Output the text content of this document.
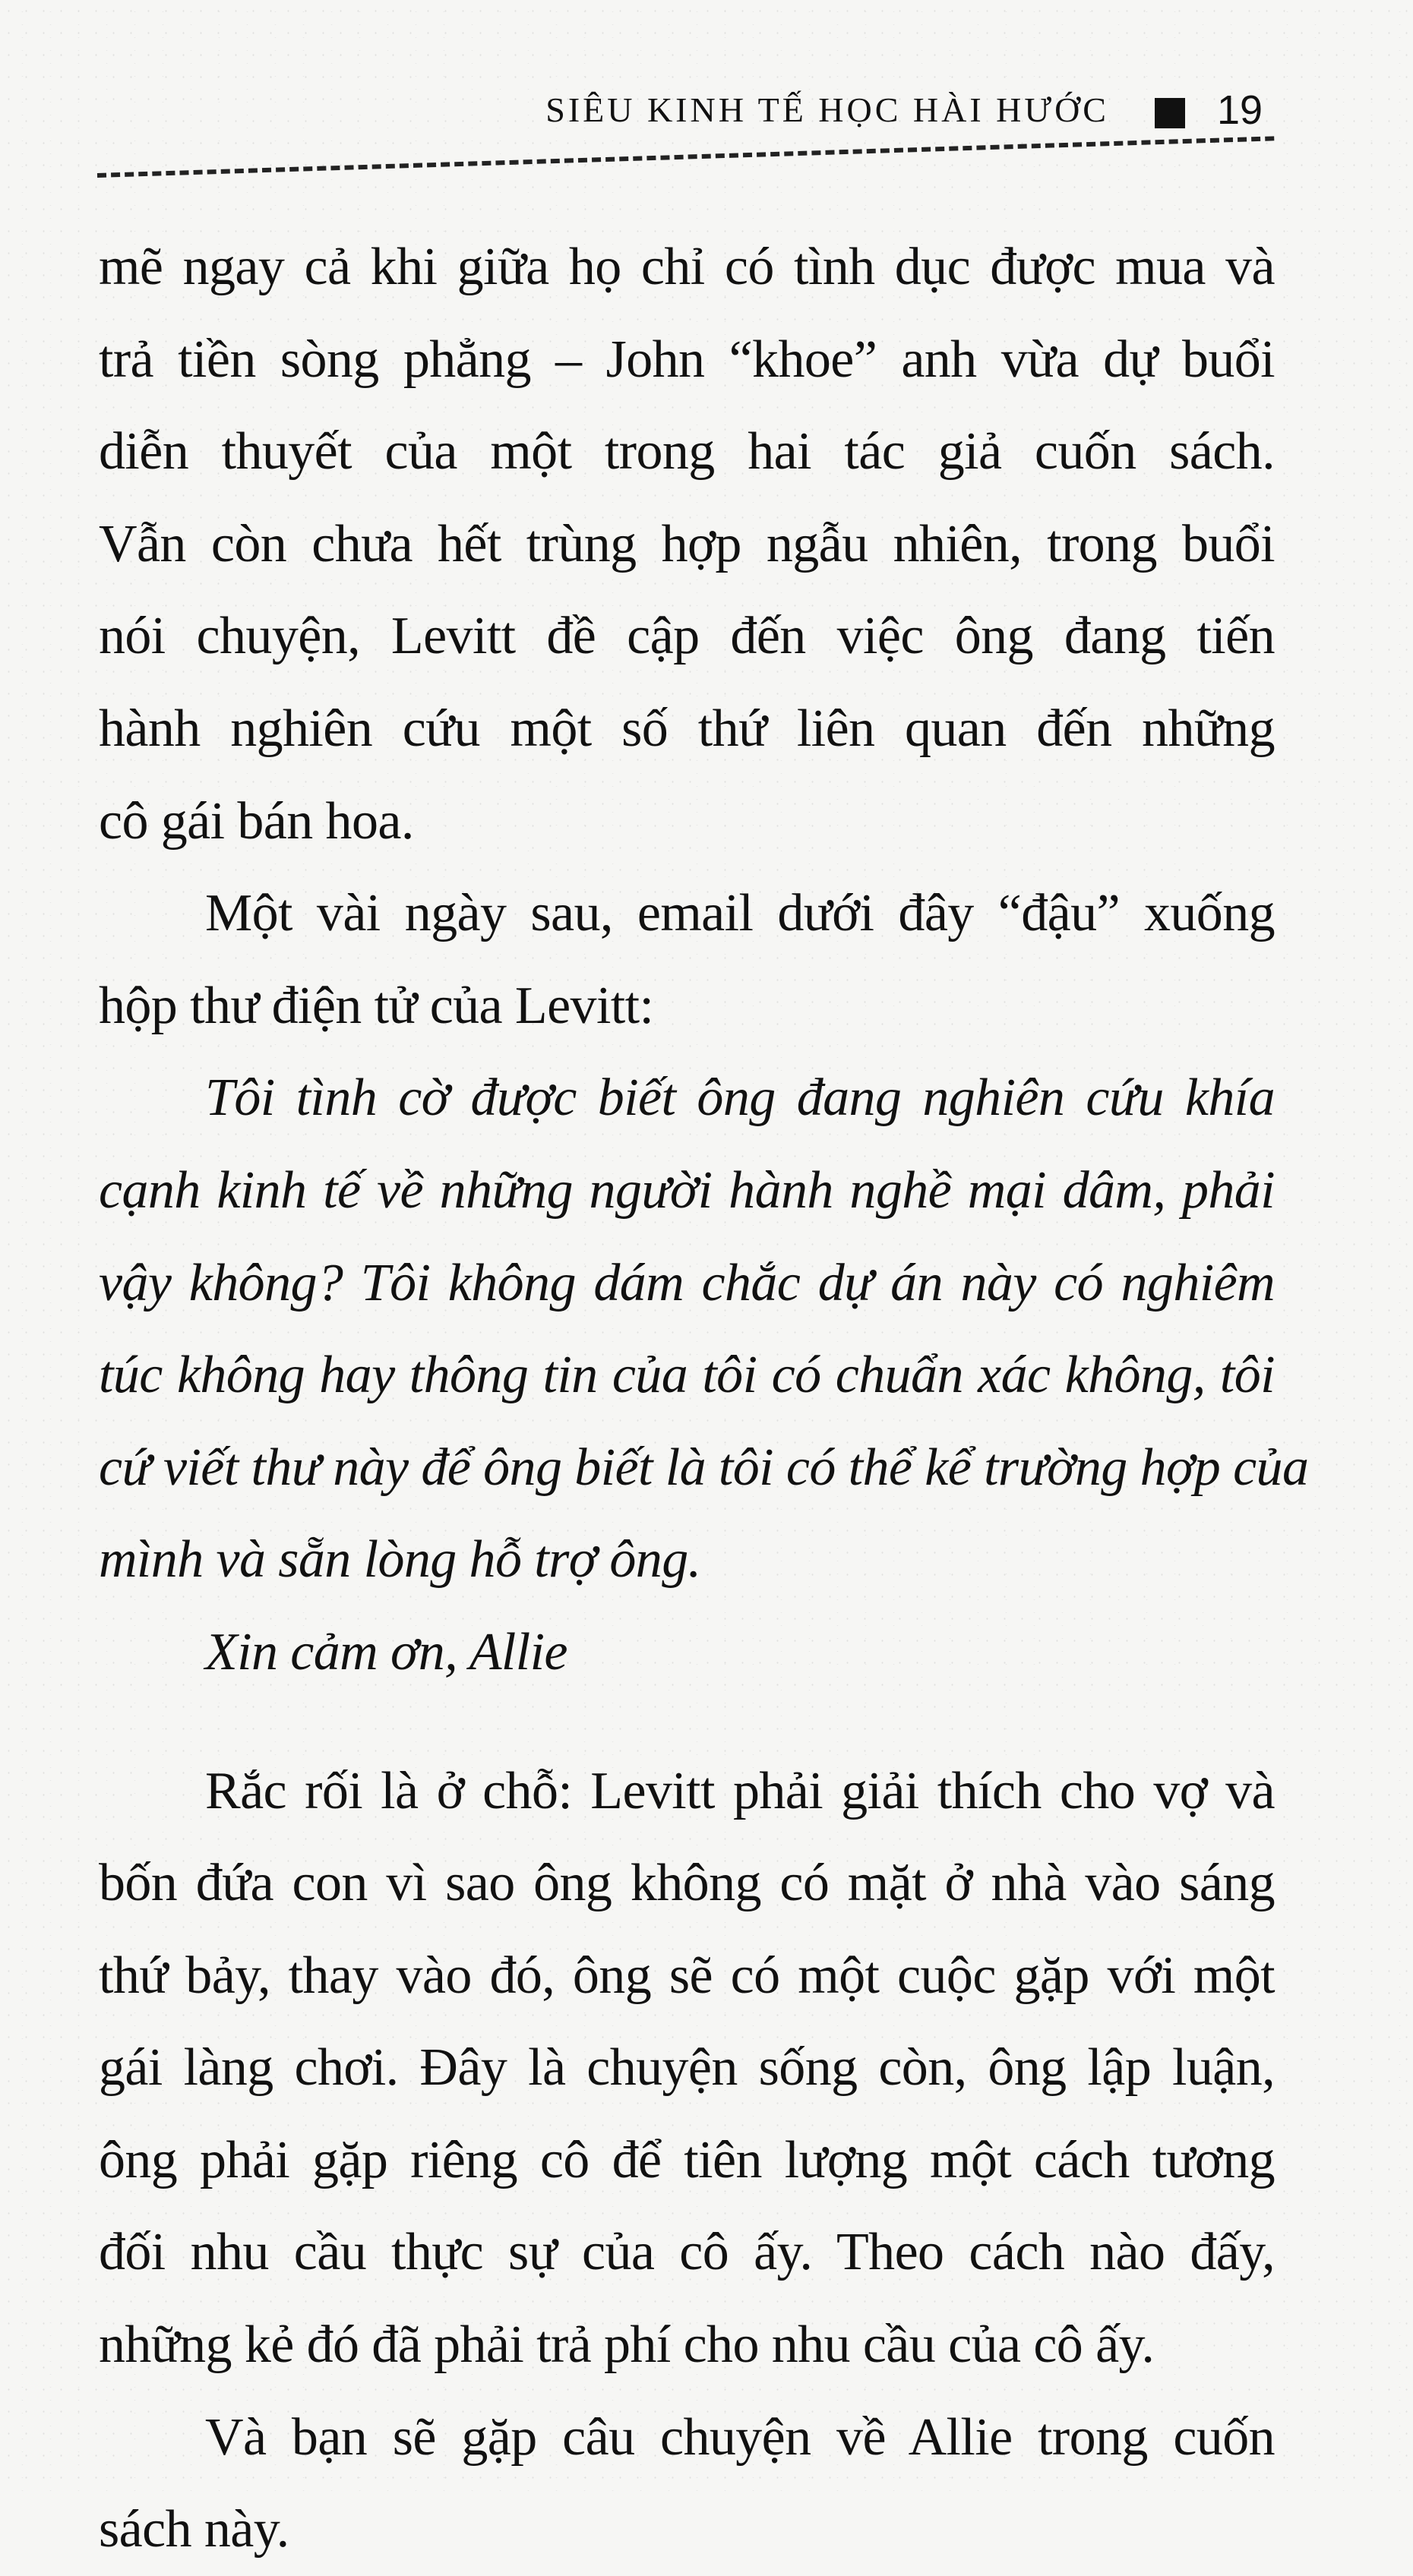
SIÊU KINH TẾ HỌC HÀI HƯỚC	19
mẽ ngay cả khi giữa họ chỉ có tình dục được mua và
trả tiền sòng phẳng – John “khoe” anh vừa dự buổi
diễn thuyết của một trong hai tác giả cuốn sách.
Vẫn còn chưa hết trùng hợp ngẫu nhiên, trong buổi
nói chuyện, Levitt đề cập đến việc ông đang tiến
hành nghiên cứu một số thứ liên quan đến những
cô gái bán hoa.
Một vài ngày sau, email dưới đây “đậu” xuống
hộp thư điện tử của Levitt:
Tôi tình cờ được biết ông đang nghiên cứu khía
cạnh kinh tế về những người hành nghề mại dâm, phải
vậy không? Tôi không dám chắc dự án này có nghiêm
túc không hay thông tin của tôi có chuẩn xác không, tôi
cứ viết thư này để ông biết là tôi có thể kể trường hợp của
mình và sẵn lòng hỗ trợ ông.
Xin cảm ơn, Allie
Rắc rối là ở chỗ: Levitt phải giải thích cho vợ và
bốn đứa con vì sao ông không có mặt ở nhà vào sáng
thứ bảy, thay vào đó, ông sẽ có một cuộc gặp với một
gái làng chơi. Đây là chuyện sống còn, ông lập luận,
ông phải gặp riêng cô để tiên lượng một cách tương
đối nhu cầu thực sự của cô ấy. Theo cách nào đấy,
những kẻ đó đã phải trả phí cho nhu cầu của cô ấy.
Và bạn sẽ gặp câu chuyện về Allie trong cuốn
sách này.
